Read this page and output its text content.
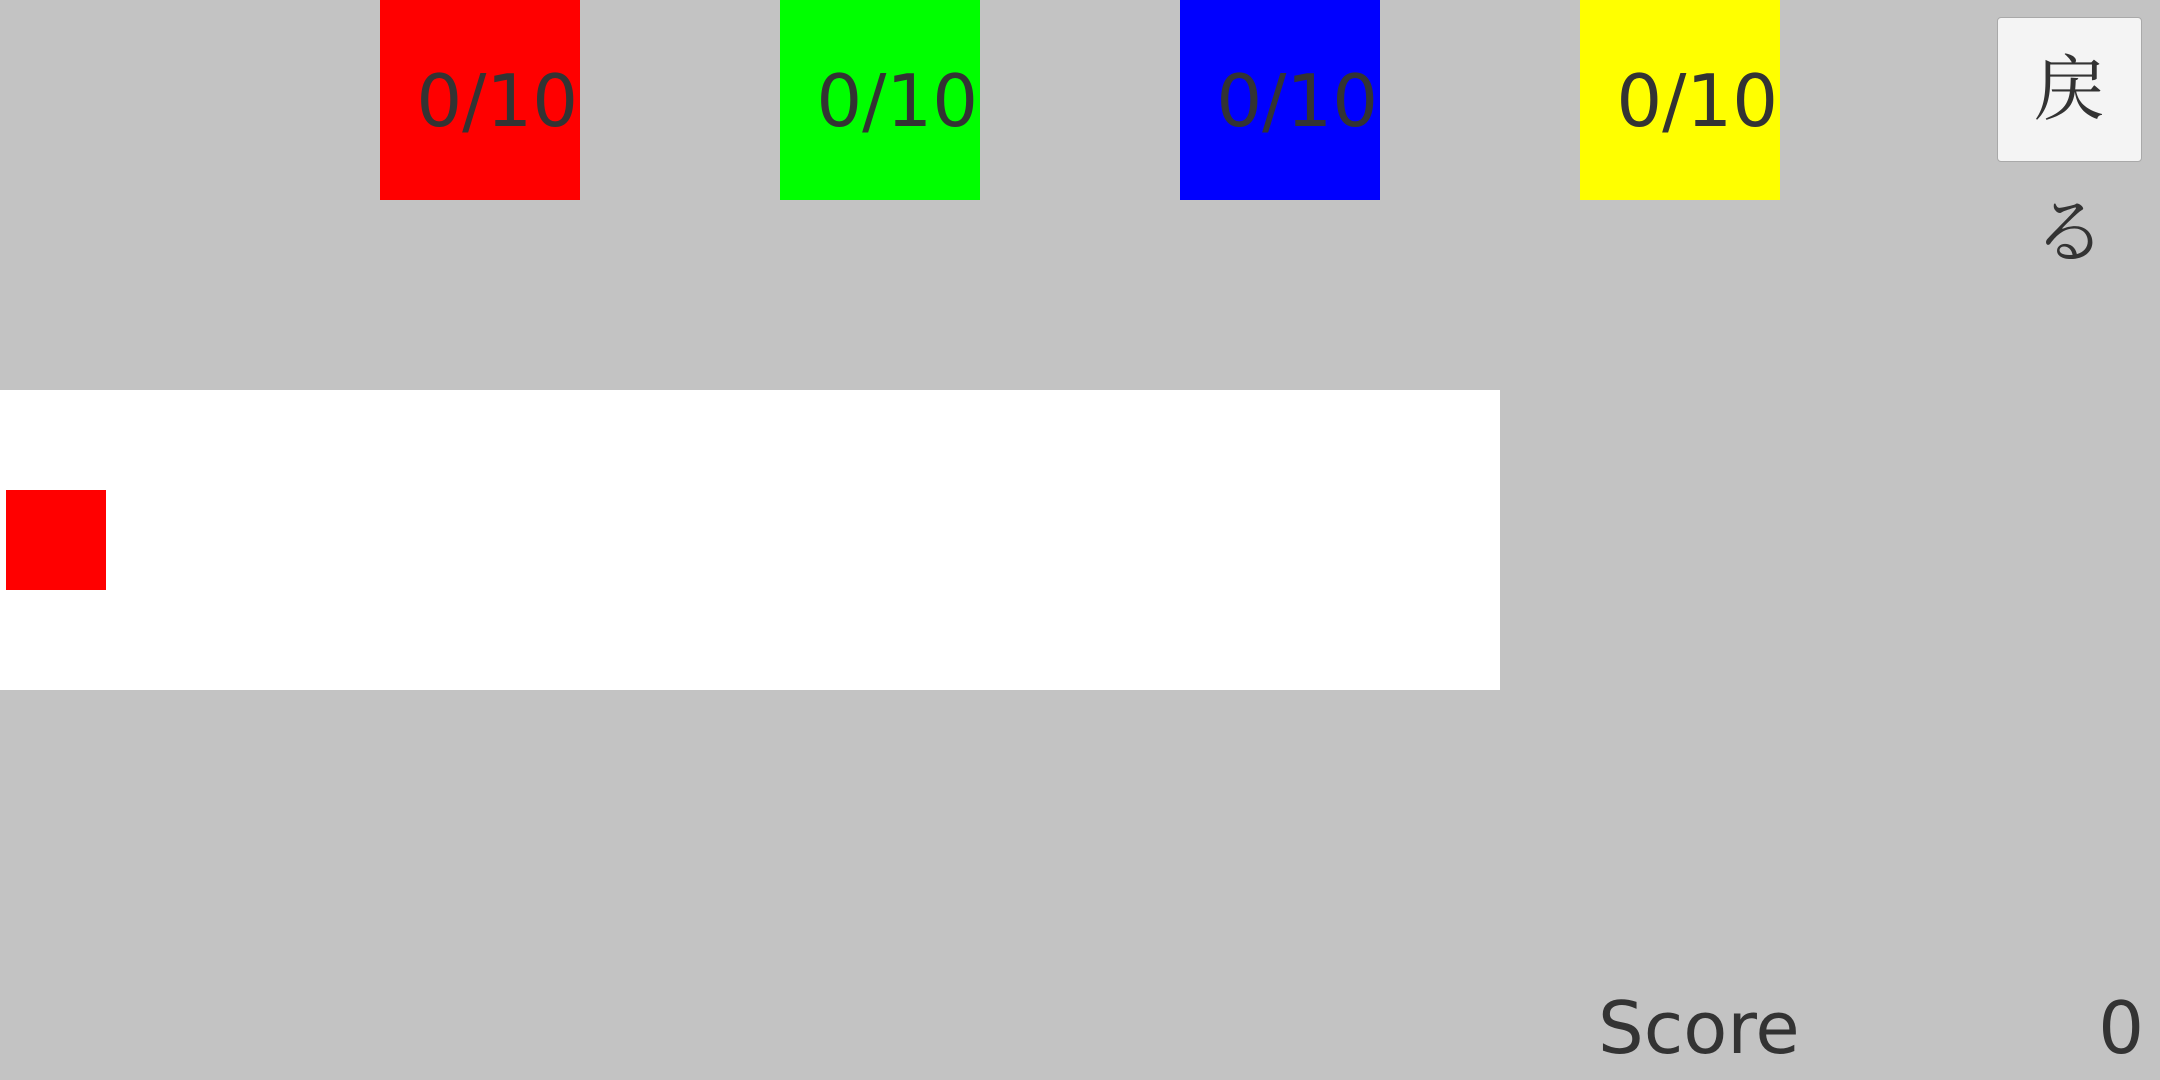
0/10	0/10	0/10	0/10	戻る
Score	0
